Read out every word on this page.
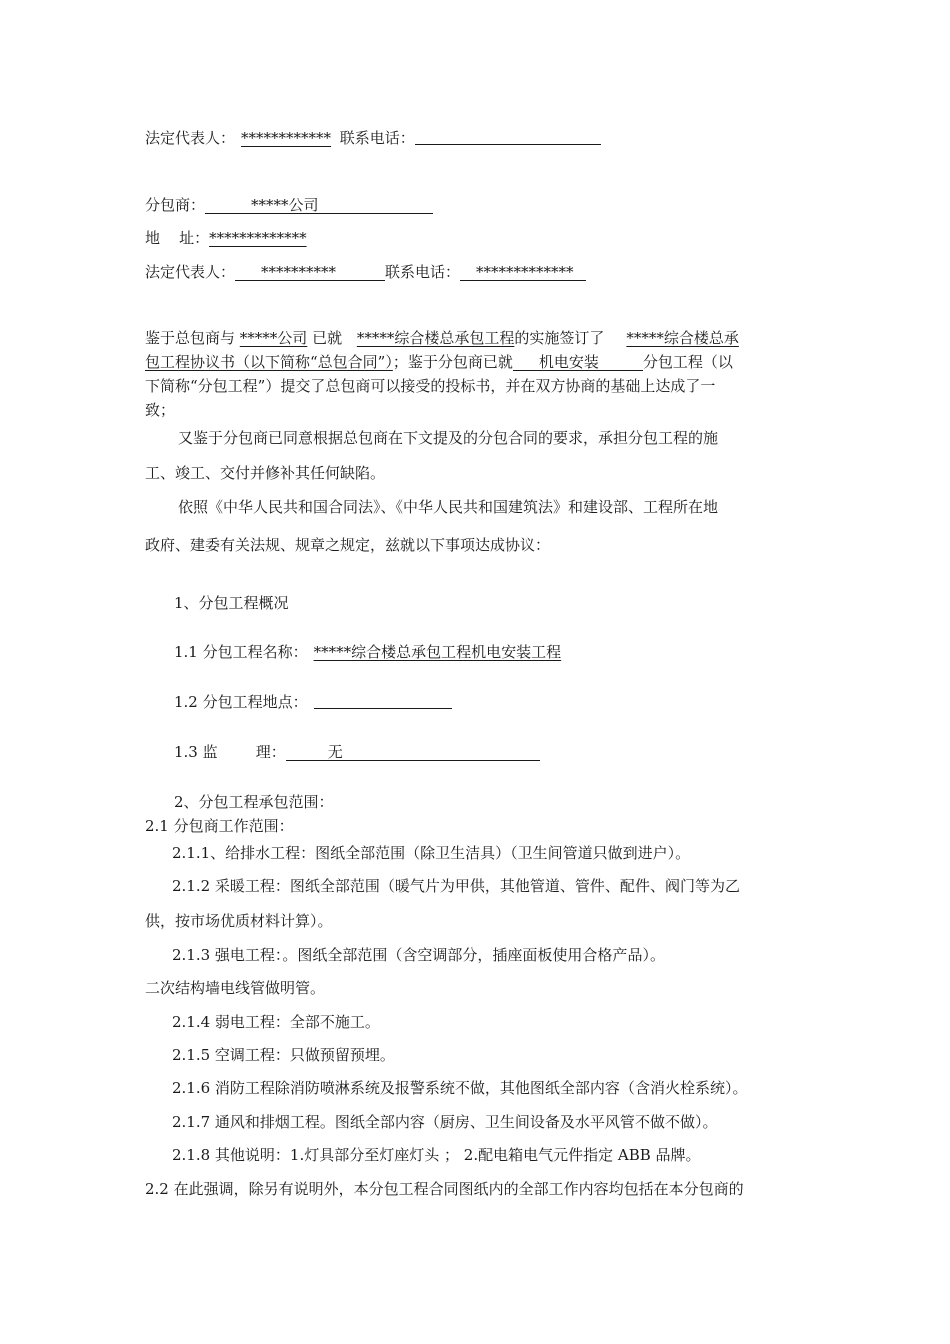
法定代表人： ************ 联系电话：
分包商：	*****公司
地    址：*************
法定代表人： **********	联系电话： *************
鉴于总包商与 *****公司 已就 *****综合楼总承包工程的实施签订了 *****综合楼总承
包工程协议书（以下简称“总包合同”）；鉴于分包商已就 机电安装	分包工程（以
下简称“分包工程”）提交了总包商可以接受的投标书，并在双方协商的基础上达成了一
致；
又鉴于分包商已同意根据总包商在下文提及的分包合同的要求，承担分包工程的施
工、竣工、交付并修补其任何缺陷。
依照《中华人民共和国合同法》、《中华人民共和国建筑法》和建设部、工程所在地
政府、建委有关法规、规章之规定，兹就以下事项达成协议：
1、分包工程概况
1.1 分包工程名称： *****综合楼总承包工程机电安装工程
1.2 分包工程地点：
1.3 监        理：	无
2、分包工程承包范围：
2.1 分包商工作范围：
2.1.1、给排水工程：图纸全部范围（除卫生洁具）（卫生间管道只做到进户）。
2.1.2 采暖工程：图纸全部范围（暖气片为甲供，其他管道、管件、配件、阀门等为乙
供，按市场优质材料计算）。
2.1.3 强电工程：。图纸全部范围（含空调部分，插座面板使用合格产品）。
二次结构墙电线管做明管。
2.1.4 弱电工程：全部不施工。
2.1.5 空调工程：只做预留预埋。
2.1.6 消防工程除消防喷淋系统及报警系统不做，其他图纸全部内容（含消火栓系统）。
2.1.7 通风和排烟工程。图纸全部内容（厨房、卫生间设备及水平风管不做不做）。
2.1.8 其他说明：1.灯具部分至灯座灯头 ； 2.配电箱电气元件指定 ABB 品牌。
2.2 在此强调，除另有说明外，本分包工程合同图纸内的全部工作内容均包括在本分包商的
